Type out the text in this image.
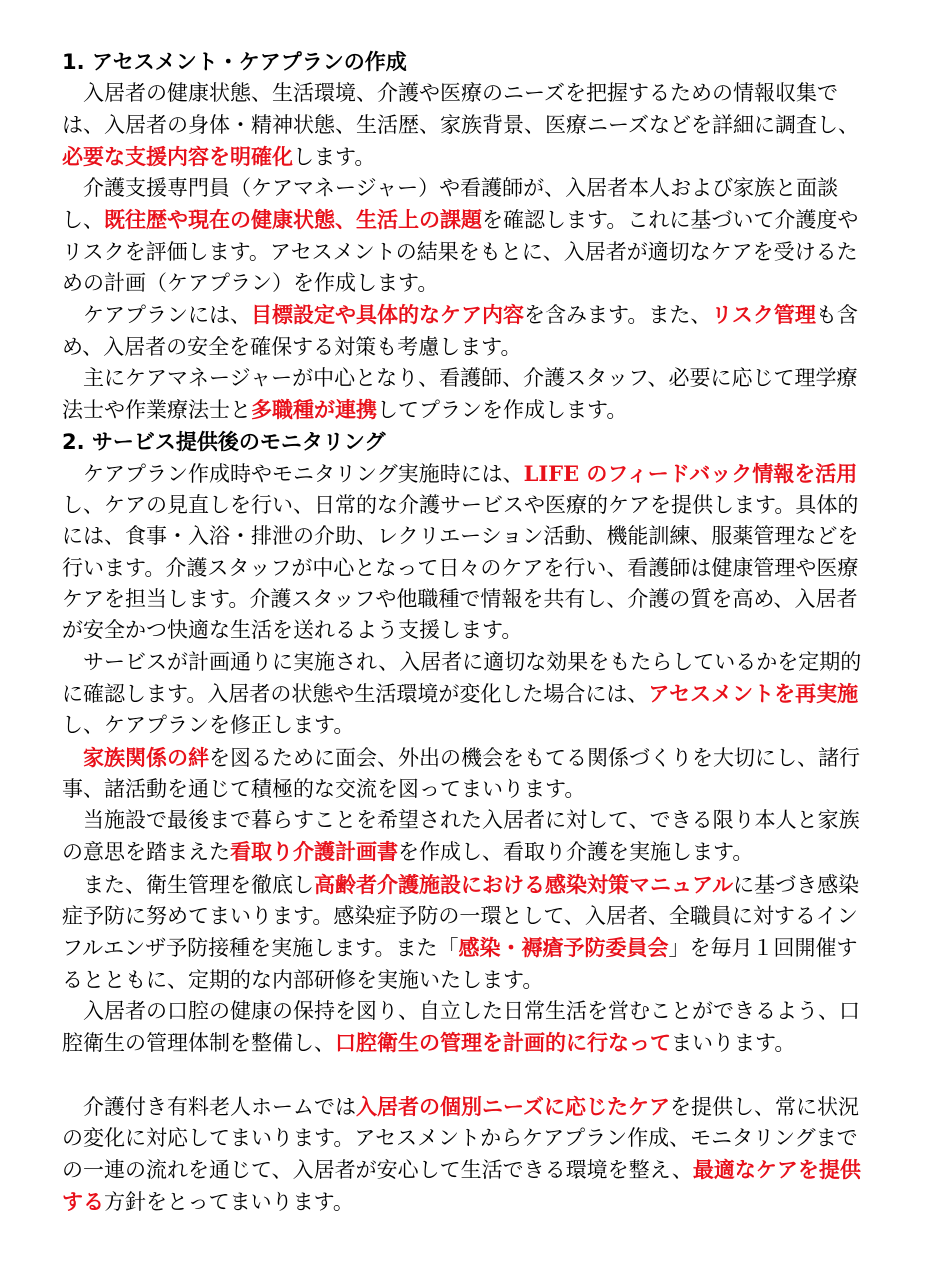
1. アセスメント・ケアプランの作成
入居者の健康状態、生活環境、介護や医療のニーズを把握するための情報収集では、入居者の身体・精神状態、生活歴、家族背景、医療ニーズなどを詳細に調査し、必要な支援内容を明確化します。
介護支援専門員（ケアマネージャー）や看護師が、入居者本人および家族と面談し、既往歴や現在の健康状態、生活上の課題を確認します。これに基づいて介護度やリスクを評価します。アセスメントの結果をもとに、入居者が適切なケアを受けるための計画（ケアプラン）を作成します。
ケアプランには、目標設定や具体的なケア内容を含みます。また、リスク管理も含め、入居者の安全を確保する対策も考慮します。
主にケアマネージャーが中心となり、看護師、介護スタッフ、必要に応じて理学療法士や作業療法士と多職種が連携してプランを作成します。
2. サービス提供後のモニタリング
ケアプラン作成時やモニタリング実施時には、LIFE のフィードバック情報を活用し、ケアの見直しを行い、日常的な介護サービスや医療的ケアを提供します。具体的には、食事・入浴・排泄の介助、レクリエーション活動、機能訓練、服薬管理などを行います。介護スタッフが中心となって日々のケアを行い、看護師は健康管理や医療ケアを担当します。介護スタッフや他職種で情報を共有し、介護の質を高め、入居者が安全かつ快適な生活を送れるよう支援します。
サービスが計画通りに実施され、入居者に適切な効果をもたらしているかを定期的に確認します。入居者の状態や生活環境が変化した場合には、アセスメントを再実施し、ケアプランを修正します。
家族関係の絆を図るために面会、外出の機会をもてる関係づくりを大切にし、諸行事、諸活動を通じて積極的な交流を図ってまいります。
当施設で最後まで暮らすことを希望された入居者に対して、できる限り本人と家族の意思を踏まえた看取り介護計画書を作成し、看取り介護を実施します。
また、衛生管理を徹底し高齢者介護施設における感染対策マニュアルに基づき感染症予防に努めてまいります。感染症予防の一環として、入居者、全職員に対するインフルエンザ予防接種を実施します。また「感染・褥瘡予防委員会」を毎月１回開催するとともに、定期的な内部研修を実施いたします。
入居者の口腔の健康の保持を図り、自立した日常生活を営むことができるよう、口腔衛生の管理体制を整備し、口腔衛生の管理を計画的に行なってまいります。
介護付き有料老人ホームでは入居者の個別ニーズに応じたケアを提供し、常に状況の変化に対応してまいります。アセスメントからケアプラン作成、モニタリングまでの一連の流れを通じて、入居者が安心して生活できる環境を整え、最適なケアを提供する方針をとってまいります。
